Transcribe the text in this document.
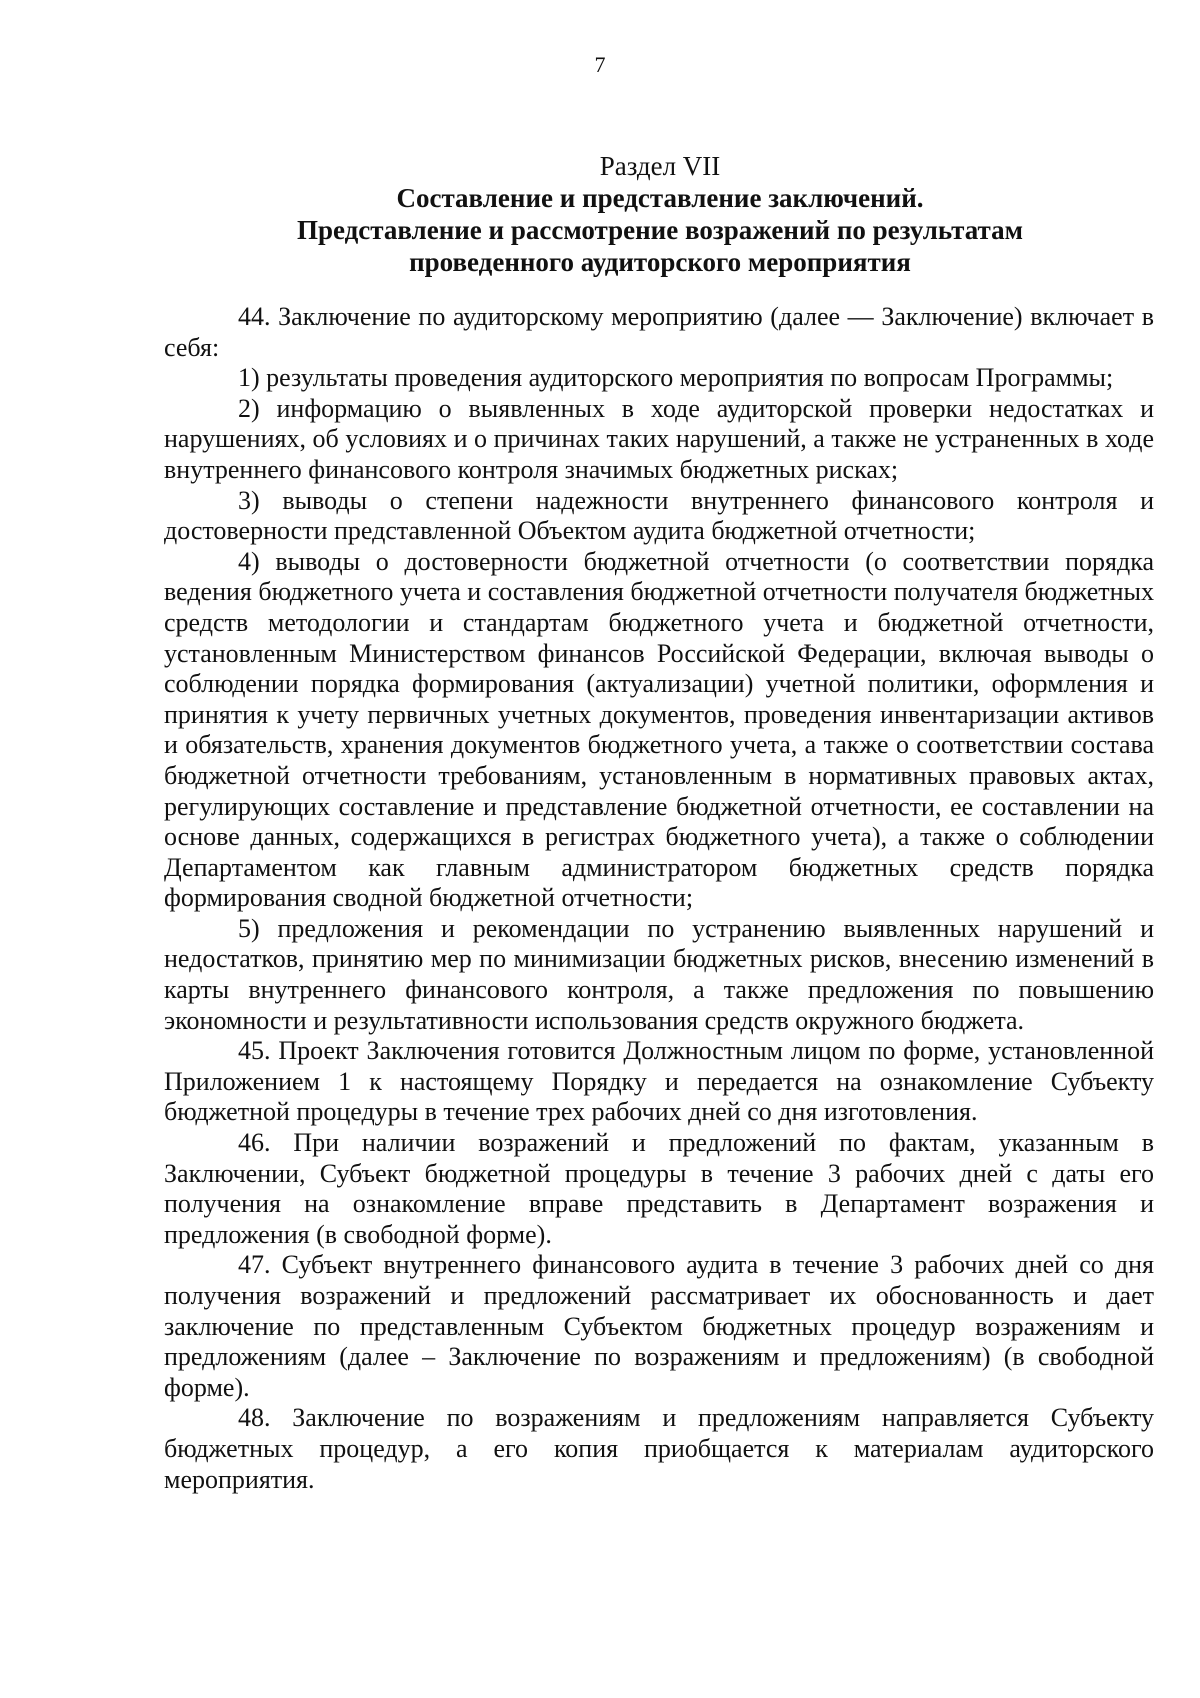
7

Раздел VII

Составление и представление заключений.

Представление и рассмотрение возражений по результатам

проведенного аудиторского мероприятия

44. Заключение по аудиторскому мероприятию (далее — Заключение) включает в себя:

1) результаты проведения аудиторского мероприятия по вопросам Программы;

2) информацию о выявленных в ходе аудиторской проверки недостатках и нарушениях, об условиях и о причинах таких нарушений, а также не устраненных в ходе внутреннего финансового контроля значимых бюджетных рисках;

3) выводы о степени надежности внутреннего финансового контроля и достоверности представленной Объектом аудита бюджетной отчетности;

4) выводы о достоверности бюджетной отчетности (о соответствии порядка ведения бюджетного учета и составления бюджетной отчетности получателя бюджетных средств методологии и стандартам бюджетного учета и бюджетной отчетности, установленным Министерством финансов Российской Федерации, включая выводы о соблюдении порядка формирования (актуализации) учетной политики, оформления и принятия к учету первичных учетных документов, проведения инвентаризации активов и обязательств, хранения документов бюджетного учета, а также о соответствии состава бюджетной отчетности требованиям, установленным в нормативных правовых актах, регулирующих составление и представление бюджетной отчетности, ее составлении на основе данных, содержащихся в регистрах бюджетного учета), а также о соблюдении Департаментом как главным администратором бюджетных средств порядка формирования сводной бюджетной отчетности;

5) предложения и рекомендации по устранению выявленных нарушений и недостатков, принятию мер по минимизации бюджетных рисков, внесению изменений в карты внутреннего финансового контроля, а также предложения по повышению экономности и результативности использования средств окружного бюджета.

45. Проект Заключения готовится Должностным лицом по форме, установленной Приложением 1 к настоящему Порядку и передается на ознакомление Субъекту бюджетной процедуры в течение трех рабочих дней со дня изготовления.

46. При наличии возражений и предложений по фактам, указанным в Заключении, Субъект бюджетной процедуры в течение 3 рабочих дней с даты его получения на ознакомление вправе представить в Департамент возражения и предложения (в свободной форме).

47. Субъект внутреннего финансового аудита в течение 3 рабочих дней со дня получения возражений и предложений рассматривает их обоснованность и дает заключение по представленным Субъектом бюджетных процедур возражениям и предложениям (далее – Заключение по возражениям и предложениям) (в свободной форме).

48. Заключение по возражениям и предложениям направляется Субъекту бюджетных процедур, а его копия приобщается к материалам аудиторского мероприятия.
